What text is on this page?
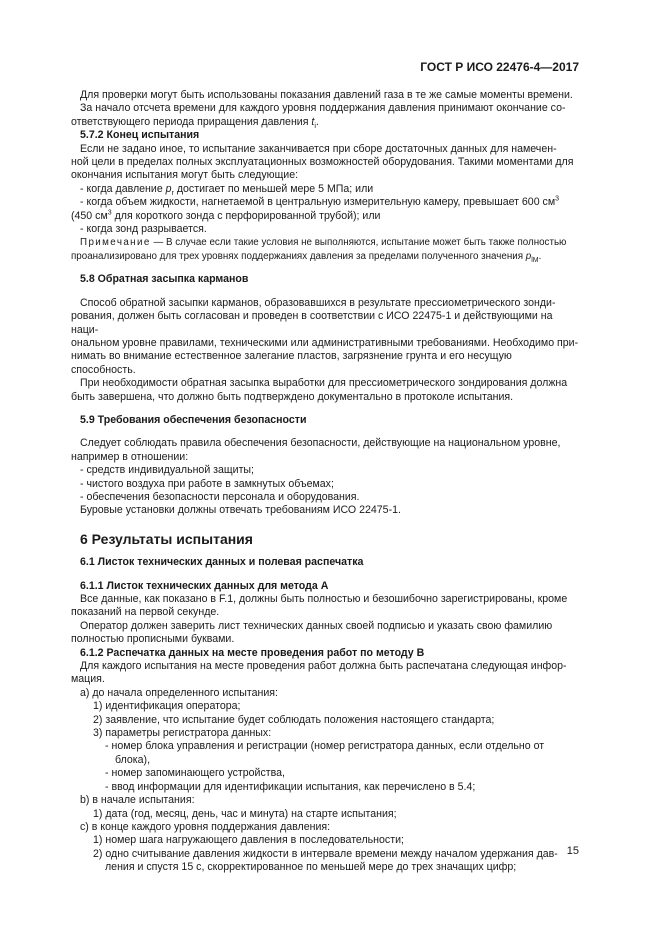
ГОСТ Р ИСО 22476-4—2017

Для проверки могут быть использованы показания давлений газа в те же самые моменты времени.

За начало отсчета времени для каждого уровня поддержания давления принимают окончание со-

ответствующего периода приращения давления $t_i$.

5.7.2 Конец испытания

Если не задано иное, то испытание заканчивается при сборе достаточных данных для намечен-

ной цели в пределах полных эксплуатационных возможностей оборудования. Такими моментами для

окончания испытания могут быть следующие:

- когда давление $p_r$ достигает по меньшей мере 5 МПа; или

- когда объем жидкости, нагнетаемой в центральную измерительную камеру, превышает 600 $см^3$

(450 $см^3$ для короткого зонда с перфорированной трубой); или

- когда зонд разрывается.

Примечание — В случае если такие условия не выполняются, испытание может быть также полностью

проанализировано для трех уровнях поддержаниях давления за пределами полученного значения $p_{lM}$.

5.8 Обратная засыпка карманов

Способ обратной засыпки карманов, образовавшихся в результате прессиометрического зонди-

рования, должен быть согласован и проведен в соответствии с ИСО 22475-1 и действующими на наци-

ональном уровне правилами, техническими или административными требованиями. Необходимо при-

нимать во внимание естественное залегание пластов, загрязнение грунта и его несущую способность.

При необходимости обратная засыпка выработки для прессиометрического зондирования должна

быть завершена, что должно быть подтверждено документально в протоколе испытания.

5.9 Требования обеспечения безопасности

Следует соблюдать правила обеспечения безопасности, действующие на национальном уровне,

например в отношении:

- средств индивидуальной защиты;

- чистого воздуха при работе в замкнутых объемах;

- обеспечения безопасности персонала и оборудования.

Буровые установки должны отвечать требованиям ИСО 22475-1.

6 Результаты испытания

6.1 Листок технических данных и полевая распечатка

6.1.1 Листок технических данных для метода А

Все данные, как показано в F.1, должны быть полностью и безошибочно зарегистрированы, кроме

показаний на первой секунде.

Оператор должен заверить лист технических данных своей подписью и указать свою фамилию

полностью прописными буквами.

6.1.2 Распечатка данных на месте проведения работ по методу В

Для каждого испытания на месте проведения работ должна быть распечатана следующая инфор-

мация.

a) до начала определенного испытания:

1) идентификация оператора;

2) заявление, что испытание будет соблюдать положения настоящего стандарта;

3) параметры регистратора данных:

- номер блока управления и регистрации (номер регистратора данных, если отдельно от

блока),

- номер запоминающего устройства,

- ввод информации для идентификации испытания, как перечислено в 5.4;

b) в начале испытания:

1) дата (год, месяц, день, час и минута) на старте испытания;

c) в конце каждого уровня поддержания давления:

1) номер шага нагружающего давления в последовательности;

2) одно считывание давления жидкости в интервале времени между началом удержания дав-

ления и спустя 15 с, скорректированное по меньшей мере до трех значащих цифр;

15
